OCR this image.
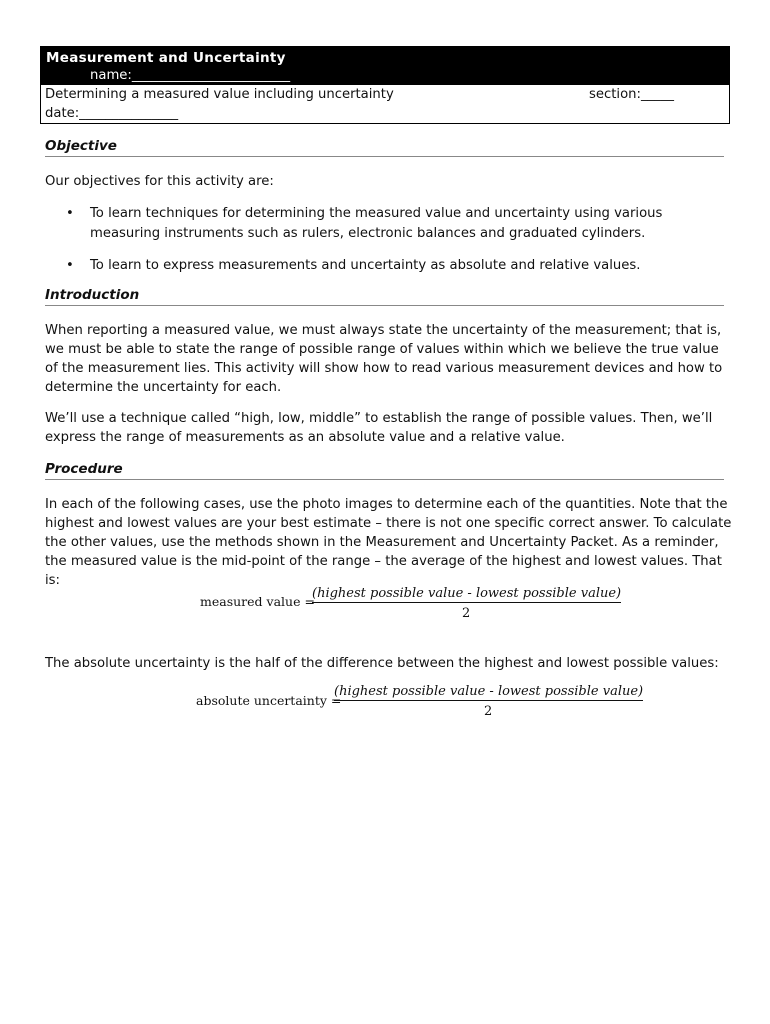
Measurement and Uncertainty
name:________________________
Determining a measured value including uncertainty	section:_____
date:_______________
Objective

Our objectives for this activity are:

• To learn techniques for determining the measured value and uncertainty using various measuring instruments such as rulers, electronic balances and graduated cylinders.
• To learn to express measurements and uncertainty as absolute and relative values.
Introduction

When reporting a measured value, we must always state the uncertainty of the measurement; that is, we must be able to state the range of possible range of values within which we believe the true value of the measurement lies. This activity will show how to read various measurement devices and how to determine the uncertainty for each.

We’ll use a technique called “high, low, middle” to establish the range of possible values. Then, we’ll express the range of measurements as an absolute value and a relative value.

Procedure

In each of the following cases, use the photo images to determine each of the quantities. Note that the highest and lowest values are your best estimate – there is not one specific correct answer. To calculate the other values, use the methods shown in the Measurement and Uncertainty Packet. As a reminder, the measured value is the mid-point of the range – the average of the highest and lowest values. That is:

measured value =
(highest possible value - lowest possible value)
2

The absolute uncertainty is the half of the difference between the highest and lowest possible values:

absolute uncertainty =
(highest possible value - lowest possible value)
2
